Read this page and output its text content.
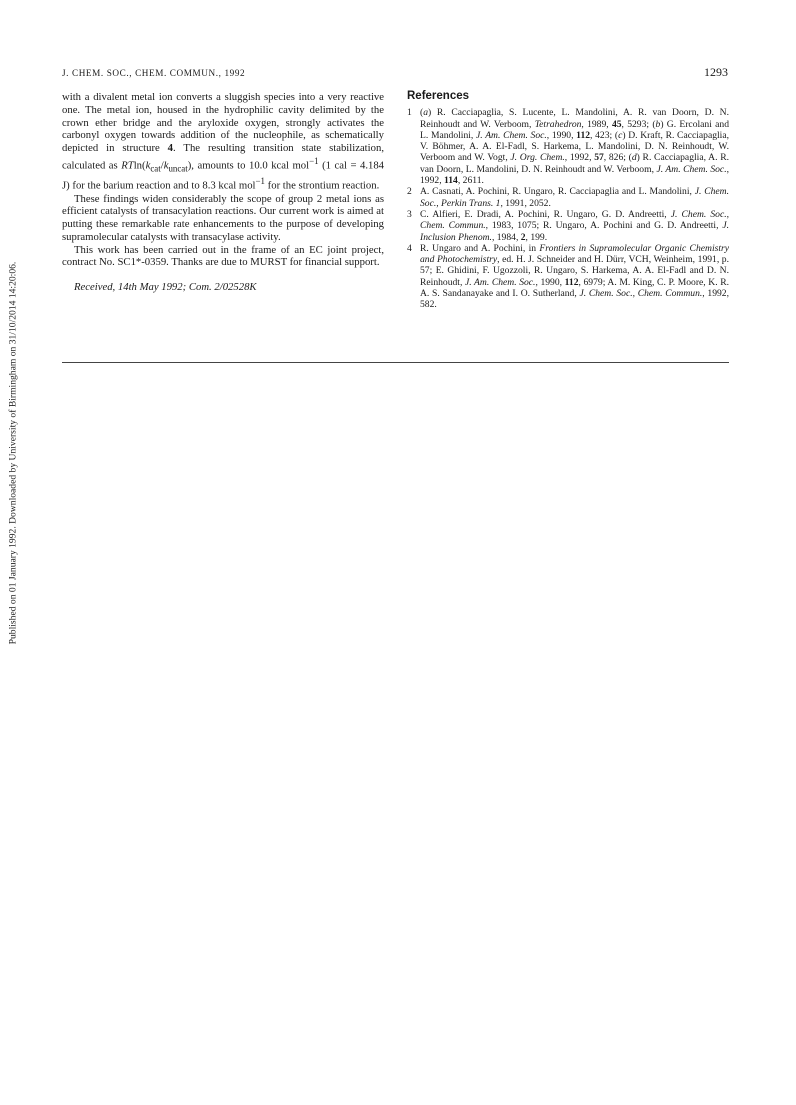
J. CHEM. SOC., CHEM. COMMUN., 1992	1293
Published on 01 January 1992. Downloaded by University of Birmingham on 31/10/2014 14:20:06.

with a divalent metal ion converts a sluggish species into a very reactive one. The metal ion, housed in the hydrophilic cavity delimited by the crown ether bridge and the aryloxide oxygen, strongly activates the carbonyl oxygen towards addition of the nucleophile, as schematically depicted in structure 4. The resulting transition state stabilization, calculated as $RTln(k_{cat}/k_{uncat})$, amounts to 10.0 kcal mol$^{-1}$ (1 cal = 4.184 J) for the barium reaction and to 8.3 kcal mol$^{-1}$ for the strontium reaction.

These findings widen considerably the scope of group 2 metal ions as efficient catalysts of transacylation reactions. Our current work is aimed at putting these remarkable rate enhancements to the purpose of developing supramolecular catalysts with transacylase activity.

This work has been carried out in the frame of an EC joint project, contract No. SC1*-0359. Thanks are due to MURST for financial support.

Received, 14th May 1992; Com. 2/02528K

References

1 (a) R. Cacciapaglia, S. Lucente, L. Mandolini, A. R. van Doorn, D. N. Reinhoudt and W. Verboom, Tetrahedron, 1989, 45, 5293; (b) G. Ercolani and L. Mandolini, J. Am. Chem. Soc., 1990, 112, 423; (c) D. Kraft, R. Cacciapaglia, V. Böhmer, A. A. El-Fadl, S. Harkema, L. Mandolini, D. N. Reinhoudt, W. Verboom and W. Vogt, J. Org. Chem., 1992, 57, 826; (d) R. Cacciapaglia, A. R. van Doorn, L. Mandolini, D. N. Reinhoudt and W. Verboom, J. Am. Chem. Soc., 1992, 114, 2611.

2 A. Casnati, A. Pochini, R. Ungaro, R. Cacciapaglia and L. Mandolini, J. Chem. Soc., Perkin Trans. 1, 1991, 2052.

3 C. Alfieri, E. Dradi, A. Pochini, R. Ungaro, G. D. Andreetti, J. Chem. Soc., Chem. Commun., 1983, 1075; R. Ungaro, A. Pochini and G. D. Andreetti, J. Inclusion Phenom., 1984, 2, 199.

4 R. Ungaro and A. Pochini, in Frontiers in Supramolecular Organic Chemistry and Photochemistry, ed. H. J. Schneider and H. Dürr, VCH, Weinheim, 1991, p. 57; E. Ghidini, F. Ugozzoli, R. Ungaro, S. Harkema, A. A. El-Fadl and D. N. Reinhoudt, J. Am. Chem. Soc., 1990, 112, 6979; A. M. King, C. P. Moore, K. R. A. S. Sandanayake and I. O. Sutherland, J. Chem. Soc., Chem. Commun., 1992, 582.
